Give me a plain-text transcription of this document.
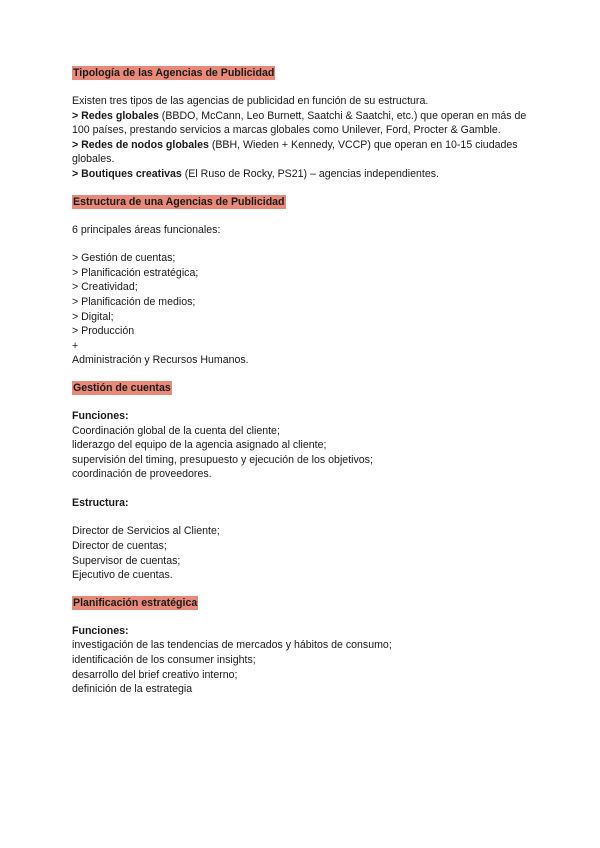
Tipología de las Agencias de Publicidad
Existen tres tipos de las agencias de publicidad en función de su estructura.
> Redes globales (BBDO, McCann, Leo Burnett, Saatchi & Saatchi, etc.) que operan en más de 100 países, prestando servicios a marcas globales como Unilever, Ford, Procter & Gamble.
> Redes de nodos globales (BBH, Wieden + Kennedy, VCCP) que operan en 10-15 ciudades globales.
> Boutiques creativas (El Ruso de Rocky, PS21) – agencias independientes.
Estructura de una Agencias de Publicidad
6 principales áreas funcionales:
> Gestión de cuentas;
> Planificación estratégica;
> Creatividad;
> Planificación de medios;
> Digital;
> Producción
+
Administración y Recursos Humanos.
Gestión de cuentas
Funciones:
Coordinación global de la cuenta del cliente;
liderazgo del equipo de la agencia asignado al cliente;
supervisión del timing, presupuesto y ejecución de los objetivos;
coordinación de proveedores.
Estructura:
Director de Servicios al Cliente;
Director de cuentas;
Supervisor de cuentas;
Ejecutivo de cuentas.
Planificación estratégica
Funciones:
investigación de las tendencias de mercados y hábitos de consumo;
identificación de los consumer insights;
desarrollo del brief creativo interno;
definición de la estrategia
